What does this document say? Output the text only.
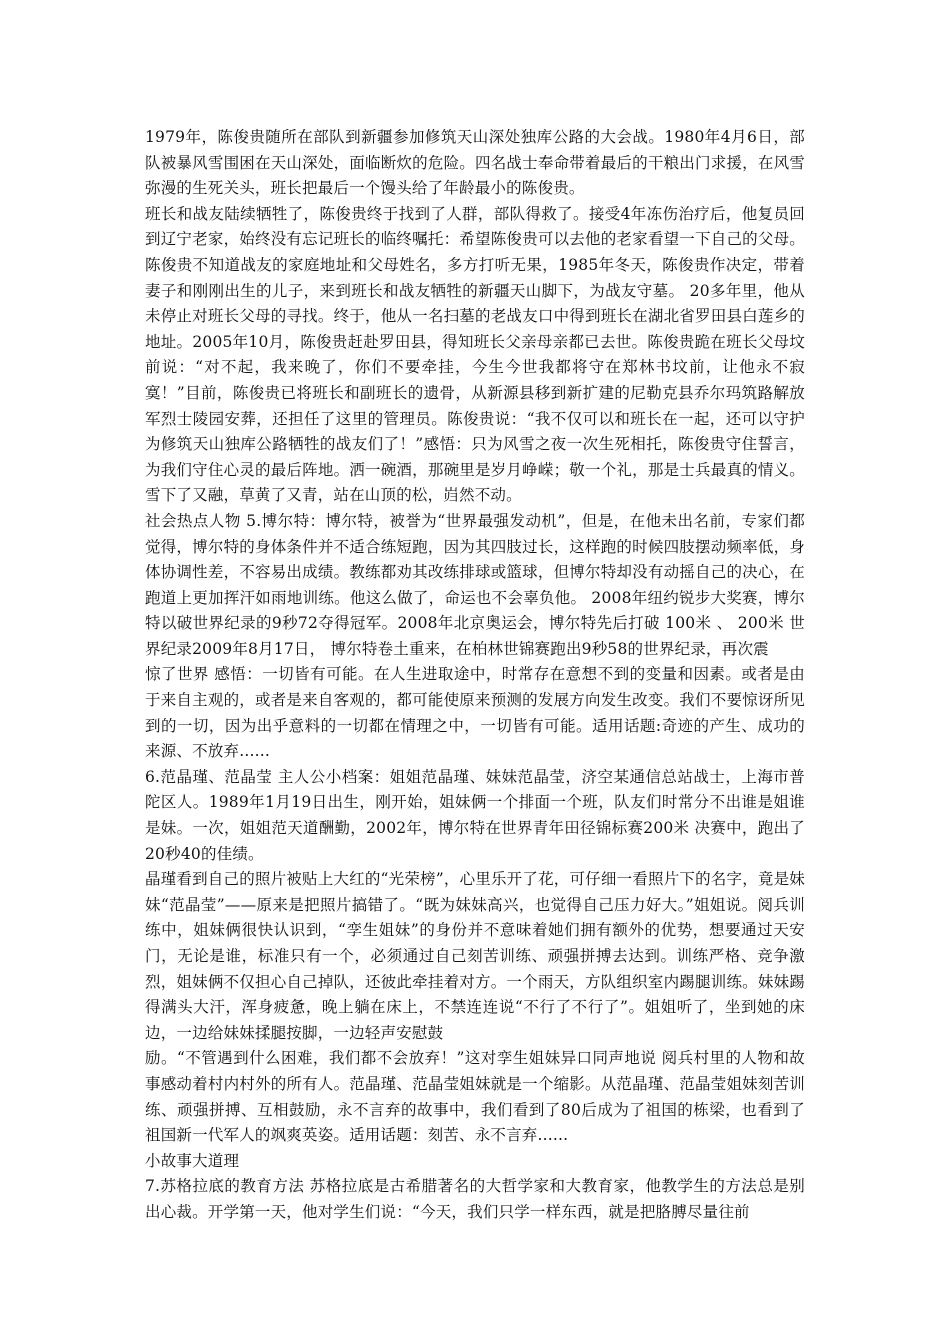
1979年，陈俊贵随所在部队到新疆参加修筑天山深处独库公路的大会战。1980年4月6日，部队被暴风雪围困在天山深处，面临断炊的危险。四名战士奉命带着最后的干粮出门求援，在风雪弥漫的生死关头，班长把最后一个馒头给了年龄最小的陈俊贵。

班长和战友陆续牺牲了，陈俊贵终于找到了人群，部队得救了。接受4年冻伤治疗后，他复员回到辽宁老家，始终没有忘记班长的临终嘱托：希望陈俊贵可以去他的老家看望一下自己的父母。陈俊贵不知道战友的家庭地址和父母姓名，多方打听无果，1985年冬天，陈俊贵作决定，带着妻子和刚刚出生的儿子，来到班长和战友牺牲的新疆天山脚下，为战友守墓。 20多年里，他从未停止对班长父母的寻找。终于，他从一名扫墓的老战友口中得到班长在湖北省罗田县白莲乡的地址。2005年10月，陈俊贵赶赴罗田县，得知班长父亲母亲都已去世。陈俊贵跪在班长父母坟前说：“对不起，我来晚了，你们不要牵挂，今生今世我都将守在郑林书坟前，让他永不寂寞！”目前，陈俊贵已将班长和副班长的遗骨，从新源县移到新扩建的尼勒克县乔尔玛筑路解放军烈士陵园安葬，还担任了这里的管理员。陈俊贵说：“我不仅可以和班长在一起，还可以守护为修筑天山独库公路牺牲的战友们了！”感悟：只为风雪之夜一次生死相托，陈俊贵守住誓言，为我们守住心灵的最后阵地。洒一碗酒，那碗里是岁月峥嵘；敬一个礼，那是士兵最真的情义。雪下了又融，草黄了又青，站在山顶的松，岿然不动。

社会热点人物 5.博尔特：博尔特，被誉为“世界最强发动机”，但是，在他未出名前，专家们都觉得，博尔特的身体条件并不适合练短跑，因为其四肢过长，这样跑的时候四肢摆动频率低，身体协调性差，不容易出成绩。教练都劝其改练排球或篮球，但博尔特却没有动摇自己的决心，在跑道上更加挥汗如雨地训练。他这么做了，命运也不会辜负他。 2008年纽约锐步大奖赛，博尔特以破世界纪录的9秒72夺得冠军。2008年北京奥运会，博尔特先后打破 100米 、 200米 世界纪录2009年8月17日， 博尔特卷土重来，在柏林世锦赛跑出9秒58的世界纪录，再次震

惊了世界 感悟：一切皆有可能。在人生进取途中，时常存在意想不到的变量和因素。或者是由于来自主观的，或者是来自客观的，都可能使原来预测的发展方向发生改变。我们不要惊讶所见到的一切，因为出乎意料的一切都在情理之中，一切皆有可能。适用话题:奇迹的产生、成功的来源、不放弃......

6.范晶瑾、范晶莹 主人公小档案：姐姐范晶瑾、妹妹范晶莹，济空某通信总站战士，上海市普陀区人。1989年1月19日出生，刚开始，姐妹俩一个排面一个班，队友们时常分不出谁是姐谁是妹。一次，姐姐范天道酬勤，2002年，博尔特在世界青年田径锦标赛200米 决赛中，跑出了20秒40的佳绩。

晶瑾看到自己的照片被贴上大红的“光荣榜”，心里乐开了花，可仔细一看照片下的名字，竟是妹妹“范晶莹”——原来是把照片搞错了。“既为妹妹高兴，也觉得自己压力好大。”姐姐说。阅兵训练中，姐妹俩很快认识到，“孪生姐妹”的身份并不意味着她们拥有额外的优势，想要通过天安门，无论是谁，标准只有一个，必须通过自己刻苦训练、顽强拼搏去达到。训练严格、竞争激烈，姐妹俩不仅担心自己掉队，还彼此牵挂着对方。一个雨天，方队组织室内踢腿训练。妹妹踢得满头大汗，浑身疲惫，晚上躺在床上，不禁连连说“不行了不行了”。姐姐听了，坐到她的床边，一边给妹妹揉腿按脚，一边轻声安慰鼓

励。“不管遇到什么困难，我们都不会放弃！”这对孪生姐妹异口同声地说 阅兵村里的人物和故事感动着村内村外的所有人。范晶瑾、范晶莹姐妹就是一个缩影。从范晶瑾、范晶莹姐妹刻苦训练、顽强拼搏、互相鼓励，永不言弃的故事中，我们看到了80后成为了祖国的栋梁，也看到了祖国新一代军人的飒爽英姿。适用话题：刻苦、永不言弃......

小故事大道理

7.苏格拉底的教育方法 苏格拉底是古希腊著名的大哲学家和大教育家，他教学生的方法总是别出心裁。开学第一天，他对学生们说：“今天，我们只学一样东西，就是把胳膊尽量往前
